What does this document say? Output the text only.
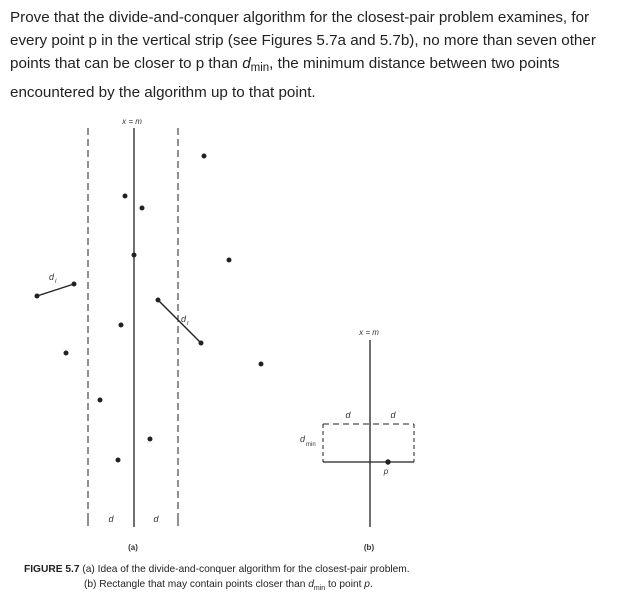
Prove that the divide-and-conquer algorithm for the closest-pair problem examines, for every point p in the vertical strip (see Figures 5.7a and 5.7b), no more than seven other points that can be closer to p than dmin, the minimum distance between two points encountered by the algorithm up to that point.

x = m
d l
d r
d	d
(a)
x = m
d	d
d
min
p
(b)
FIGURE 5.7 (a) Idea of the divide-and-conquer algorithm for the closest-pair problem.
(b) Rectangle that may contain points closer than $d_{min}$ to point p.
